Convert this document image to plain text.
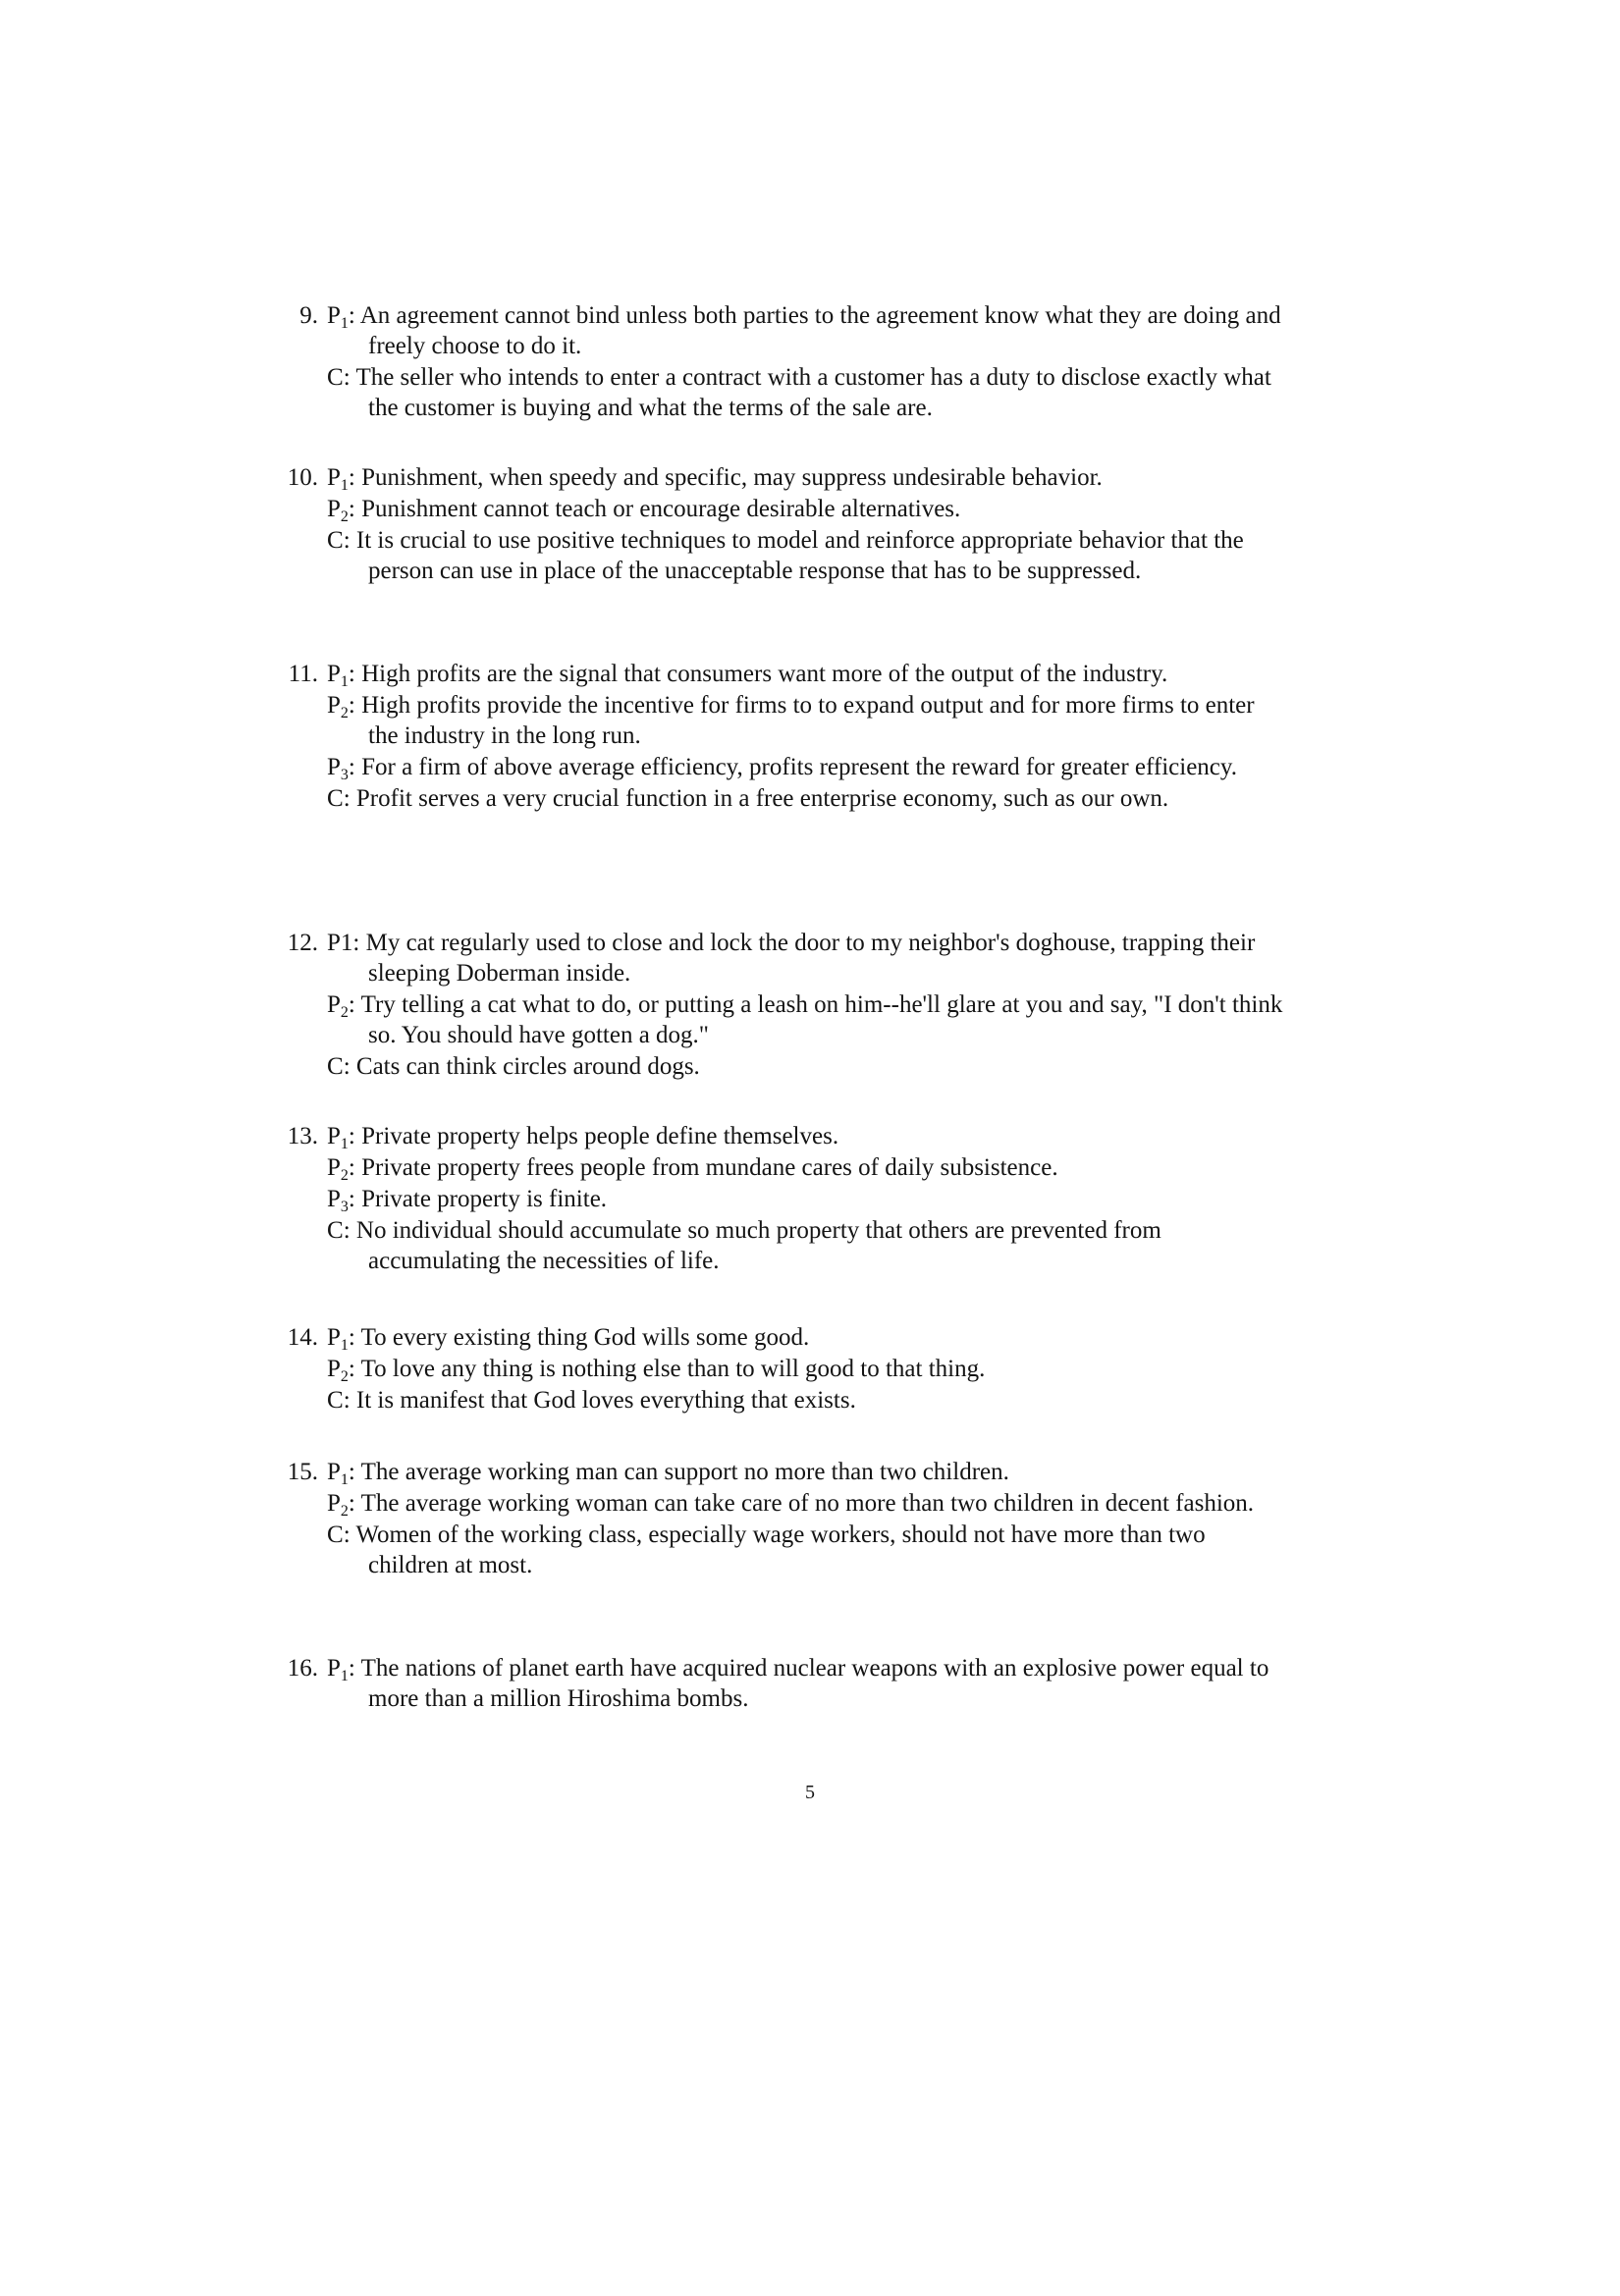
9. $P_1$: An agreement cannot bind unless both parties to the agreement know what they are doing and freely choose to do it.
C: The seller who intends to enter a contract with a customer has a duty to disclose exactly what the customer is buying and what the terms of the sale are.
10. $P_1$: Punishment, when speedy and specific, may suppress undesirable behavior.
$P_2$: Punishment cannot teach or encourage desirable alternatives.
C: It is crucial to use positive techniques to model and reinforce appropriate behavior that the person can use in place of the unacceptable response that has to be suppressed.
11. $P_1$: High profits are the signal that consumers want more of the output of the industry.
$P_2$: High profits provide the incentive for firms to to expand output and for more firms to enter the industry in the long run.
$P_3$: For a firm of above average efficiency, profits represent the reward for greater efficiency.
C: Profit serves a very crucial function in a free enterprise economy, such as our own.
12. P1: My cat regularly used to close and lock the door to my neighbor's doghouse, trapping their sleeping Doberman inside.
$P_2$: Try telling a cat what to do, or putting a leash on him--he'll glare at you and say, "I don't think so. You should have gotten a dog."
C: Cats can think circles around dogs.
13. $P_1$: Private property helps people define themselves.
$P_2$: Private property frees people from mundane cares of daily subsistence.
$P_3$: Private property is finite.
C: No individual should accumulate so much property that others are prevented from accumulating the necessities of life.
14. $P_1$: To every existing thing God wills some good.
$P_2$: To love any thing is nothing else than to will good to that thing.
C: It is manifest that God loves everything that exists.
15. $P_1$: The average working man can support no more than two children.
$P_2$: The average working woman can take care of no more than two children in decent fashion.
C: Women of the working class, especially wage workers, should not have more than two children at most.
16. $P_1$: The nations of planet earth have acquired nuclear weapons with an explosive power equal to more than a million Hiroshima bombs.
5
